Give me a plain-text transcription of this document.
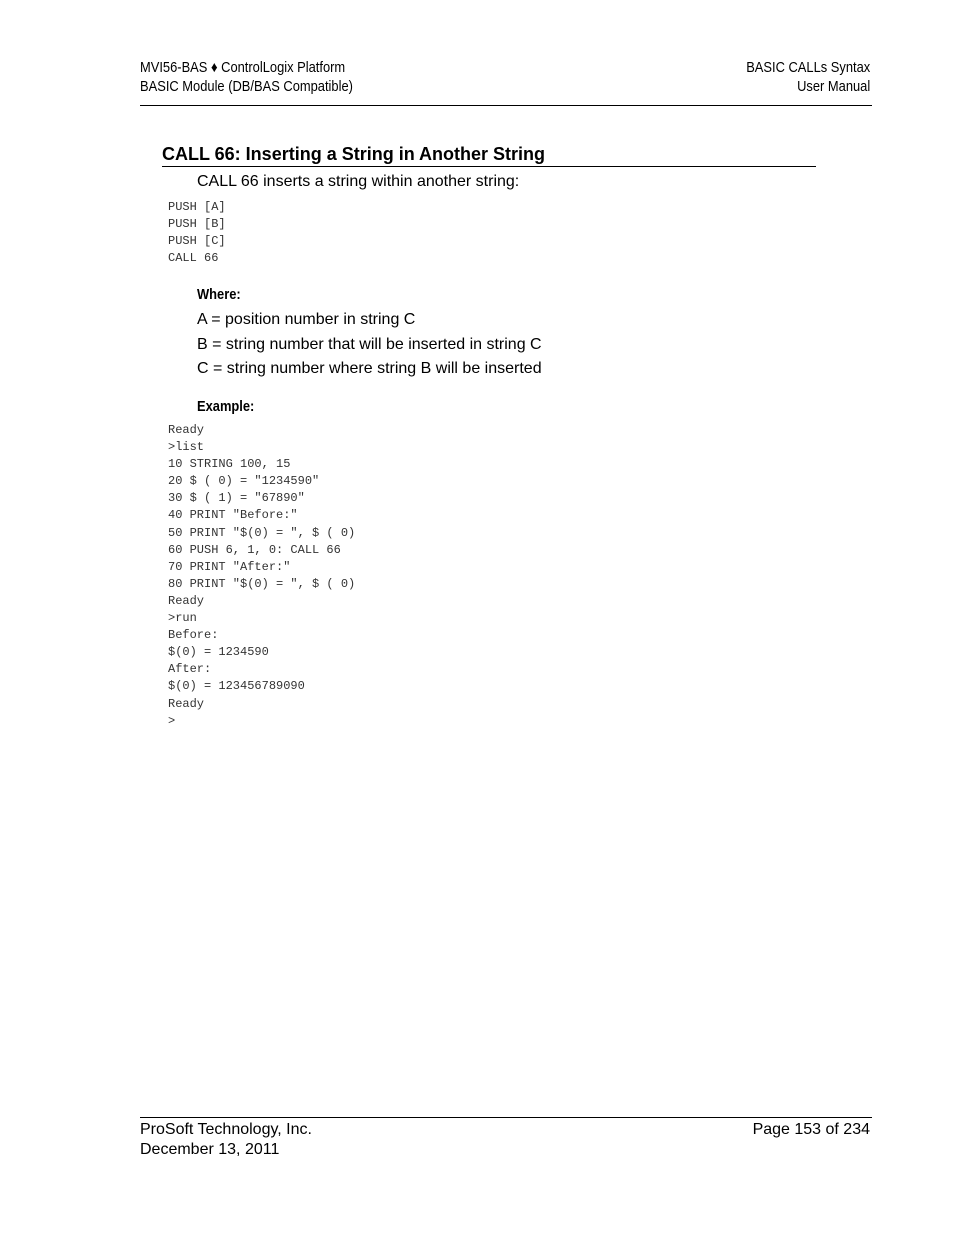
MVI56-BAS ♦ ControlLogix Platform
BASIC Module (DB/BAS Compatible)
BASIC CALLs Syntax
User Manual
CALL 66: Inserting a String in Another String
CALL 66 inserts a string within another string:
PUSH [A]
PUSH [B]
PUSH [C]
CALL 66
Where:
A = position number in string C
B = string number that will be inserted in string C
C = string number where string B will be inserted
Example:
Ready
>list
10 STRING 100, 15
20 $ ( 0) = "1234590"
30 $ ( 1) = "67890"
40 PRINT "Before:"
50 PRINT "$(0) = ", $ ( 0)
60 PUSH 6, 1, 0: CALL 66
70 PRINT "After:"
80 PRINT "$(0) = ", $ ( 0)
Ready
>run
Before:
$(0) = 1234590
After:
$(0) = 123456789090
Ready
>
ProSoft Technology, Inc.
December 13, 2011
Page 153 of 234
